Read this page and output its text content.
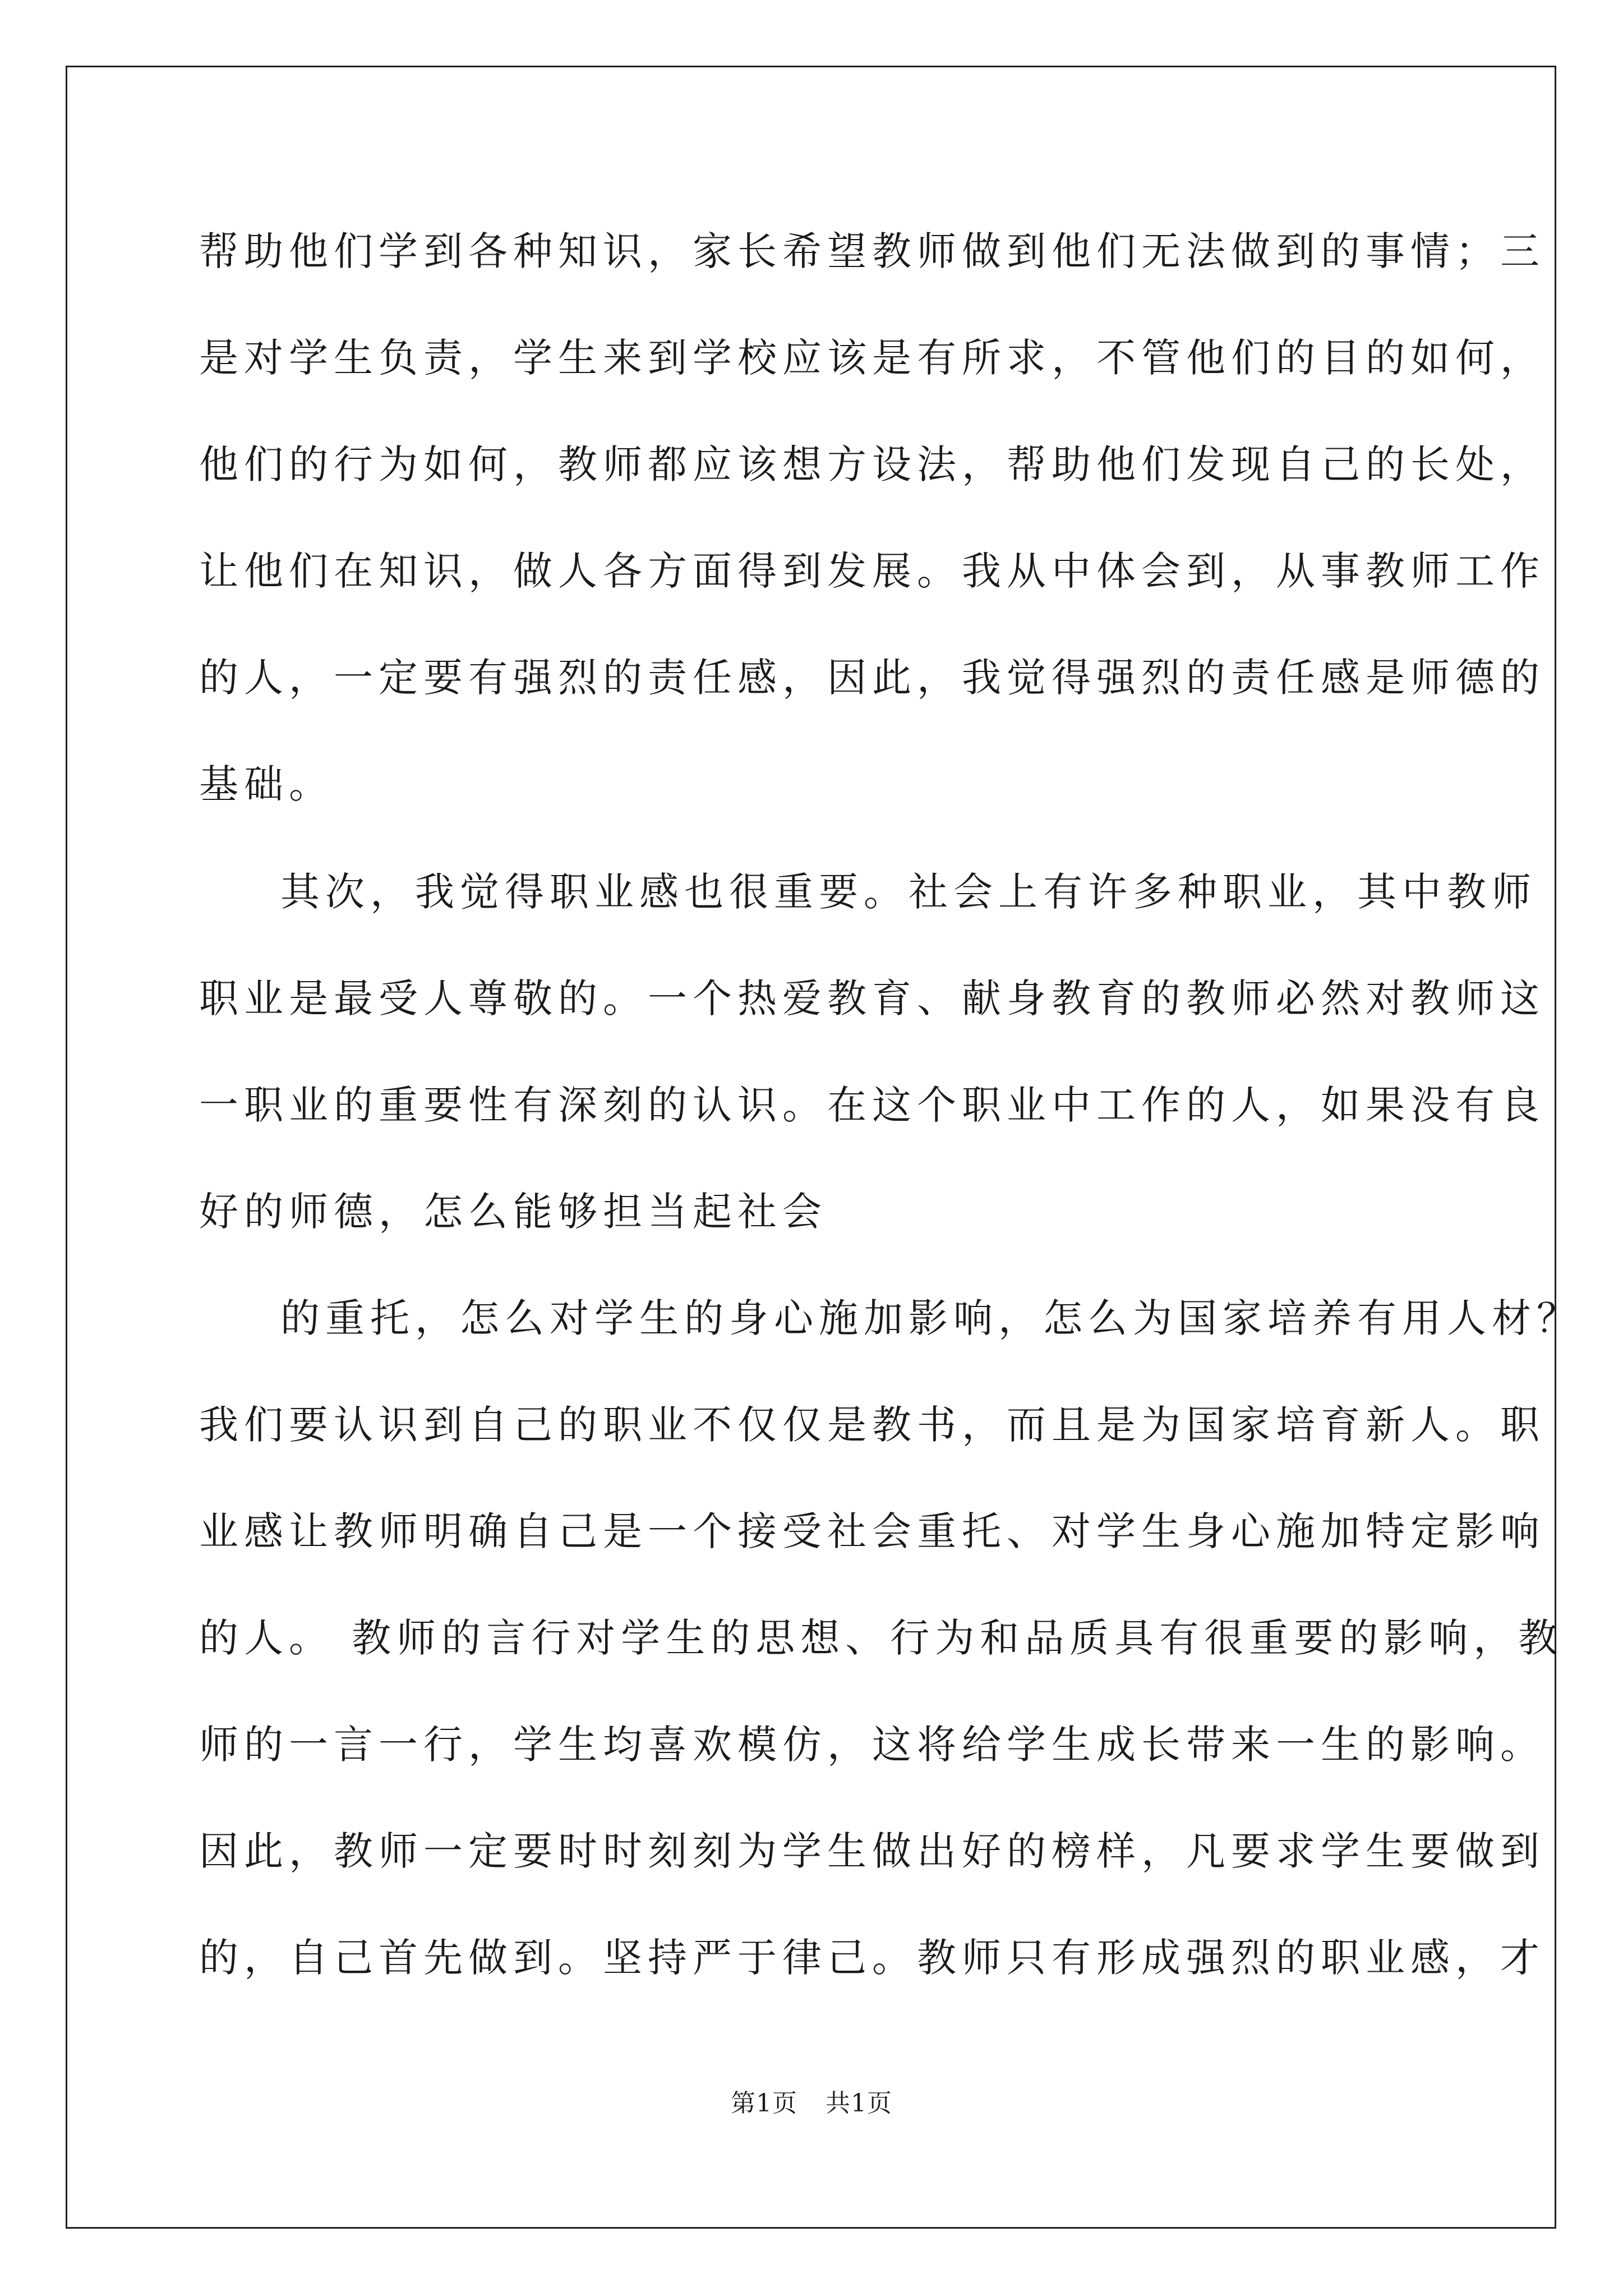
帮助他们学到各种知识，家长希望教师做到他们无法做到的事情；三
是对学生负责，学生来到学校应该是有所求，不管他们的目的如何，
他们的行为如何，教师都应该想方设法，帮助他们发现自己的长处，
让他们在知识，做人各方面得到发展。我从中体会到，从事教师工作
的人，一定要有强烈的责任感，因此，我觉得强烈的责任感是师德的
基础。
其次，我觉得职业感也很重要。社会上有许多种职业，其中教师
职业是最受人尊敬的。一个热爱教育、献身教育的教师必然对教师这
一职业的重要性有深刻的认识。在这个职业中工作的人，如果没有良
好的师德，怎么能够担当起社会
的重托，怎么对学生的身心施加影响，怎么为国家培养有用人材？
我们要认识到自己的职业不仅仅是教书，而且是为国家培育新人。职
业感让教师明确自己是一个接受社会重托、对学生身心施加特定影响
的人。 教师的言行对学生的思想、行为和品质具有很重要的影响，教
师的一言一行，学生均喜欢模仿，这将给学生成长带来一生的影响。
因此，教师一定要时时刻刻为学生做出好的榜样，凡要求学生要做到
的，自己首先做到。坚持严于律己。教师只有形成强烈的职业感，才
第1页 共1页
